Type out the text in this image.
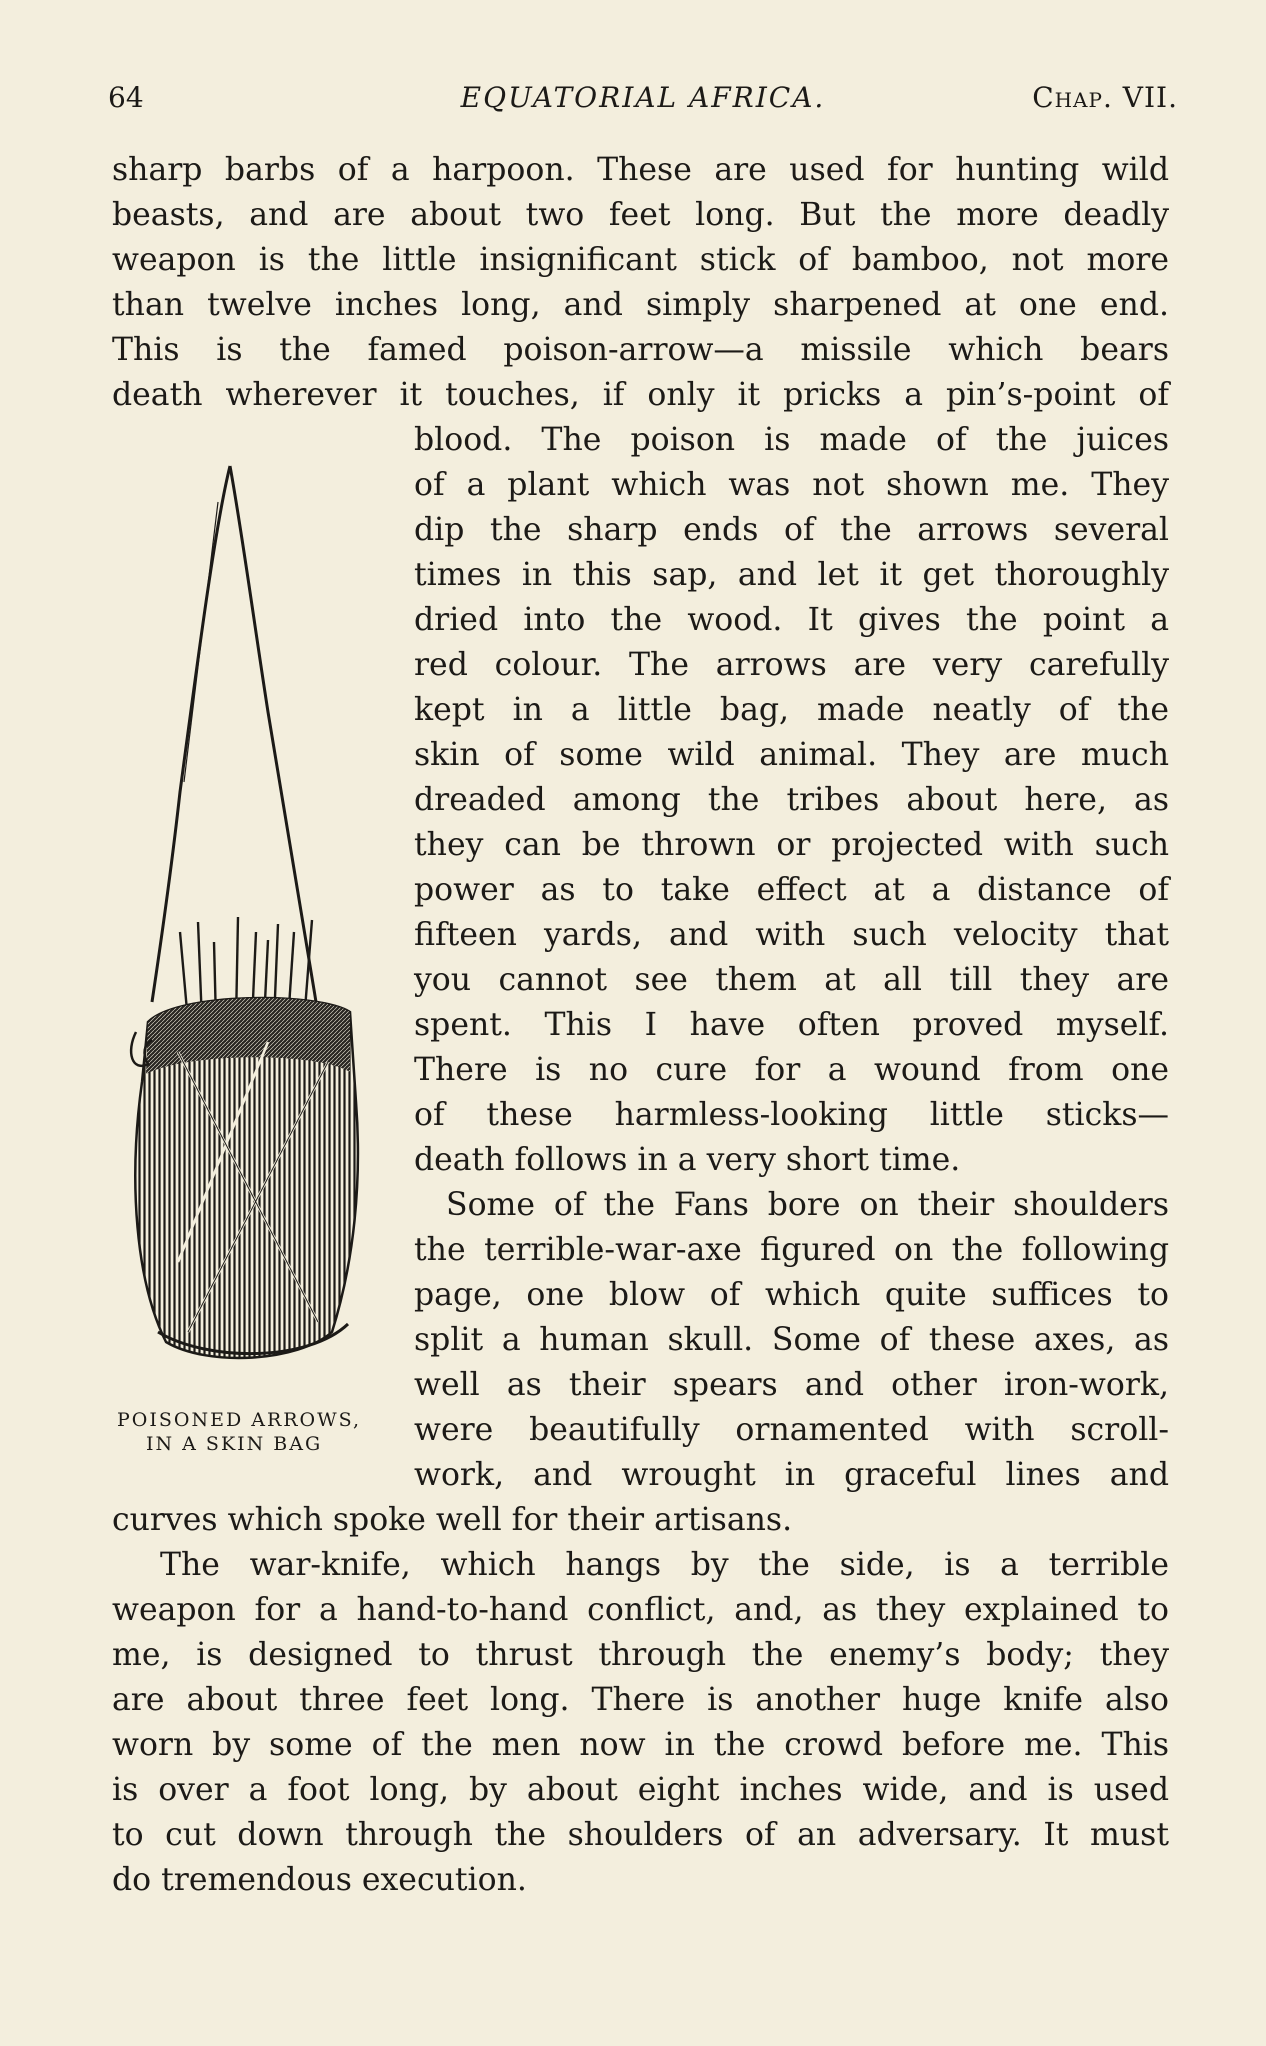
64	EQUATORIAL AFRICA.	Chap. VII.
sharp barbs of a harpoon. These are used for hunting wild
beasts, and are about two feet long. But the more deadly
weapon is the little insignificant stick of bamboo, not more
than twelve inches long, and simply sharpened at one end.
This is the famed poison-arrow—a missile which bears
death wherever it touches, if only it pricks a pin’s-point of
blood. The poison is made of the juices
of a plant which was not shown me. They
dip the sharp ends of the arrows several
times in this sap, and let it get thoroughly
dried into the wood. It gives the point a
red colour. The arrows are very carefully
kept in a little bag, made neatly of the
skin of some wild animal. They are much
dreaded among the tribes about here, as
they can be thrown or projected with such
power as to take effect at a distance of
fifteen yards, and with such velocity that
you cannot see them at all till they are
spent. This I have often proved myself.
There is no cure for a wound from one
of these harmless-looking little sticks—
death follows in a very short time.
Some of the Fans bore on their shoulders
the terrible-war-axe figured on the following
page, one blow of which quite suffices to
split a human skull. Some of these axes, as
well as their spears and other iron-work,
were beautifully ornamented with scroll-
work, and wrought in graceful lines and
curves which spoke well for their artisans.
The war-knife, which hangs by the side, is a terrible
weapon for a hand-to-hand conflict, and, as they explained to
me, is designed to thrust through the enemy’s body; they
are about three feet long. There is another huge knife also
worn by some of the men now in the crowd before me. This
is over a foot long, by about eight inches wide, and is used
to cut down through the shoulders of an adversary. It must
do tremendous execution.
POISONED ARROWS,
IN A SKIN BAG
